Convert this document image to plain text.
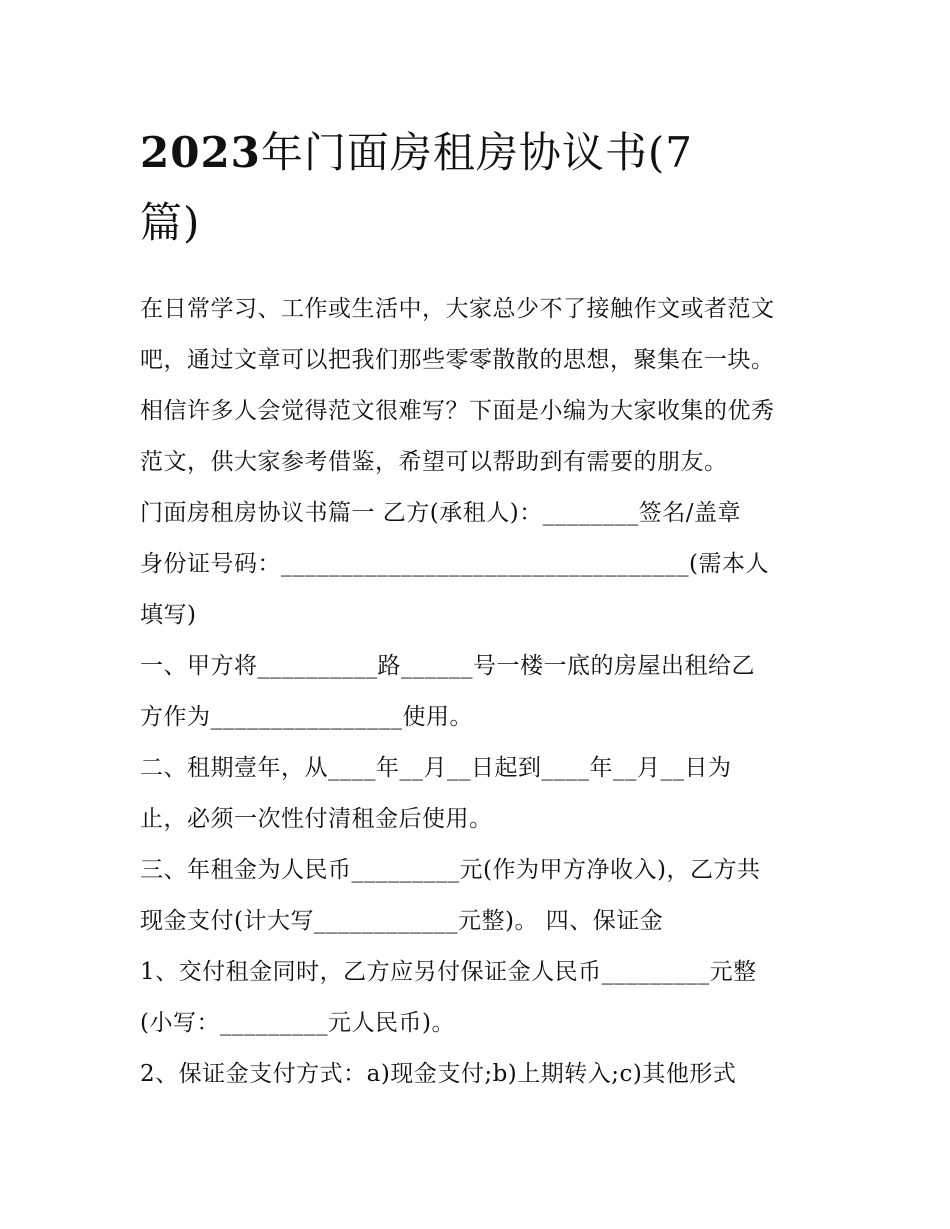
2023年门面房租房协议书(7
篇)
在日常学习、工作或生活中，大家总少不了接触作文或者范文
吧，通过文章可以把我们那些零零散散的思想，聚集在一块。
相信许多人会觉得范文很难写？下面是小编为大家收集的优秀
范文，供大家参考借鉴，希望可以帮助到有需要的朋友。
门面房租房协议书篇一 乙方(承租人)：________签名/盖章
身份证号码：__________________________________(需本人
填写)
一、甲方将__________路______号一楼一底的房屋出租给乙
方作为________________使用。
二、租期壹年，从____年__月__日起到____年__月__日为
止，必须一次性付清租金后使用。
三、年租金为人民币_________元(作为甲方净收入)，乙方共
现金支付(计大写____________元整)。 四、保证金
1、交付租金同时，乙方应另付保证金人民币_________元整
(小写：_________元人民币)。
2、保证金支付方式：a)现金支付;b)上期转入;c)其他形式
